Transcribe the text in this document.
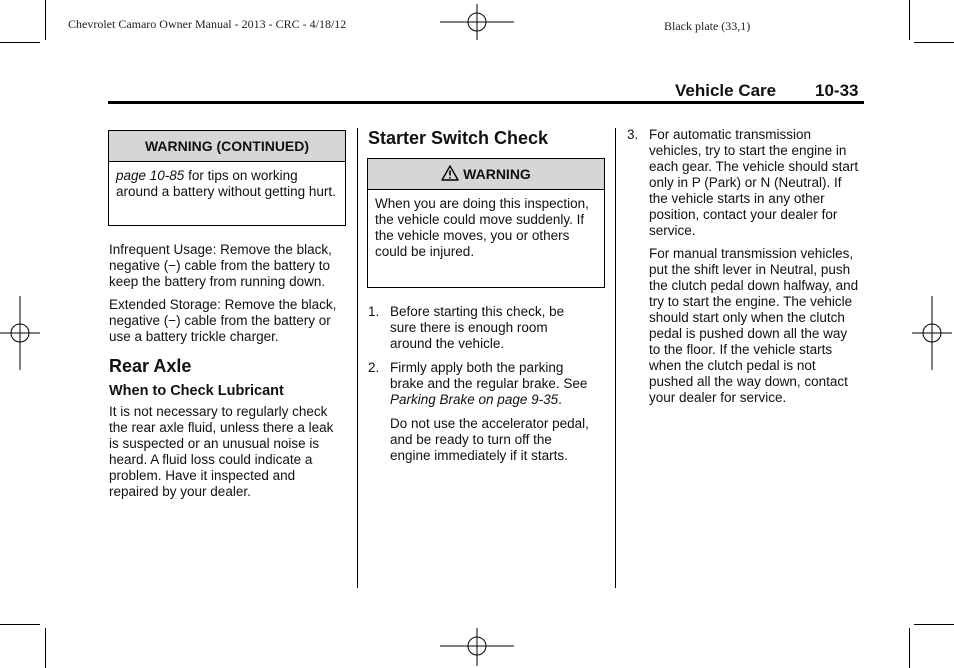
Chevrolet Camaro Owner Manual - 2013 - CRC - 4/18/12	Black plate (33,1)
Vehicle Care 10-33
WARNING (CONTINUED)
page 10-85 for tips on working around a battery without getting hurt.

Infrequent Usage: Remove the black, negative (−) cable from the battery to keep the battery from running down.

Extended Storage: Remove the black, negative (−) cable from the battery or use a battery trickle charger.

Rear Axle
When to Check Lubricant

It is not necessary to regularly check the rear axle fluid, unless there a leak is suspected or an unusual noise is heard. A fluid loss could indicate a problem. Have it inspected and repaired by your dealer.

Starter Switch Check
WARNING
When you are doing this inspection, the vehicle could move suddenly. If the vehicle moves, you or others could be injured.
1. Before starting this check, be sure there is enough room around the vehicle.

2. Firmly apply both the parking brake and the regular brake. See Parking Brake on page 9-35.

Do not use the accelerator pedal, and be ready to turn off the engine immediately if it starts.

3. For automatic transmission vehicles, try to start the engine in each gear. The vehicle should start only in P (Park) or N (Neutral). If the vehicle starts in any other position, contact your dealer for service.

For manual transmission vehicles, put the shift lever in Neutral, push the clutch pedal down halfway, and try to start the engine. The vehicle should start only when the clutch pedal is pushed down all the way to the floor. If the vehicle starts when the clutch pedal is not pushed all the way down, contact your dealer for service.
